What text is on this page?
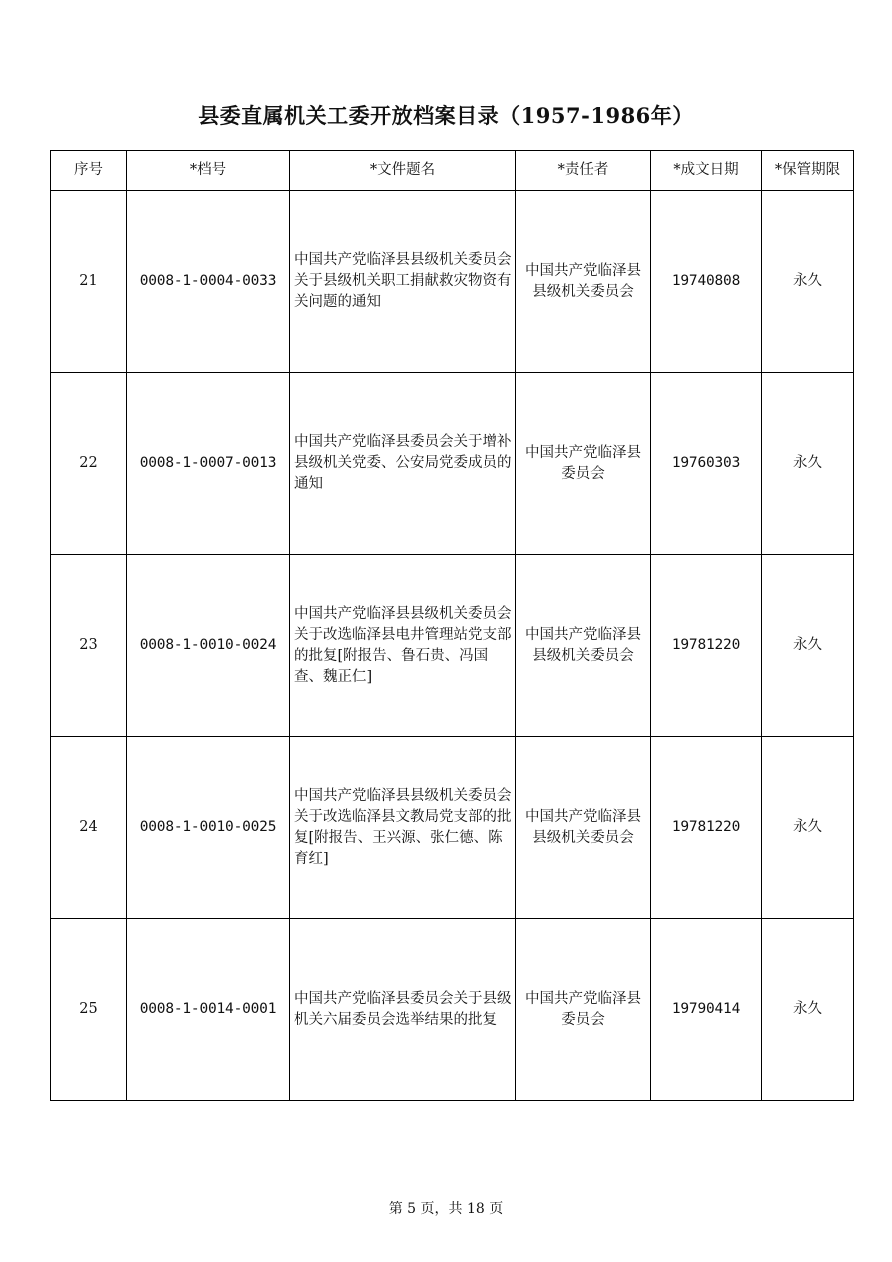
县委直属机关工委开放档案目录（1957-1986年）
序号	*档号	*文件题名	*责任者	*成文日期	*保管期限
21	0008-1-0004-0033	中国共产党临泽县县级机关委员会关于县级机关职工捐献救灾物资有关问题的通知	中国共产党临泽县县级机关委员会	19740808	永久
22	0008-1-0007-0013	中国共产党临泽县委员会关于增补县级机关党委、公安局党委成员的通知	中国共产党临泽县委员会	19760303	永久
23	0008-1-0010-0024	中国共产党临泽县县级机关委员会关于改选临泽县电井管理站党支部的批复[附报告、鲁石贵、冯国查、魏正仁]	中国共产党临泽县县级机关委员会	19781220	永久
24	0008-1-0010-0025	中国共产党临泽县县级机关委员会关于改选临泽县文教局党支部的批复[附报告、王兴源、张仁德、陈育红]	中国共产党临泽县县级机关委员会	19781220	永久
25	0008-1-0014-0001	中国共产党临泽县委员会关于县级机关六届委员会选举结果的批复	中国共产党临泽县委员会	19790414	永久
第 5 页，共 18 页
